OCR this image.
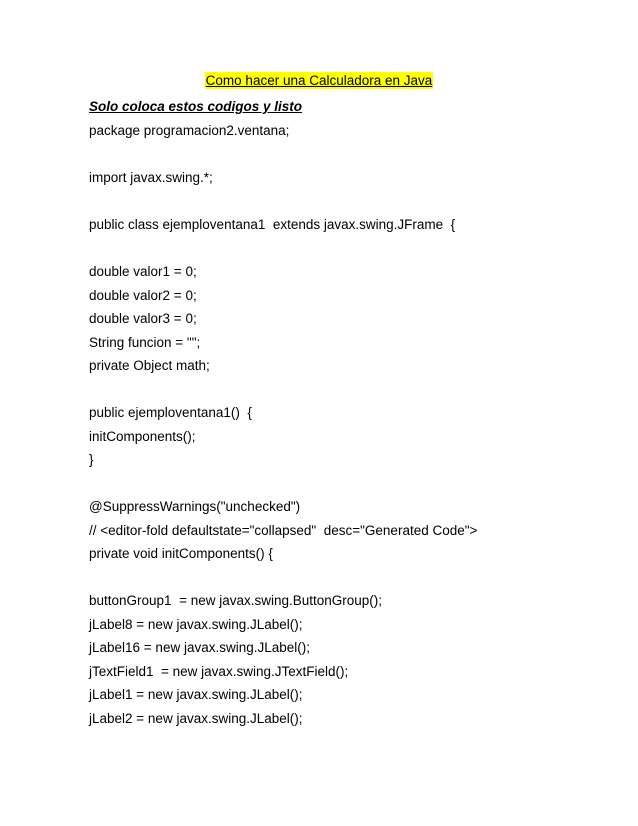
Como hacer una Calculadora en Java
Solo coloca estos codigos y listo
package programacion2.ventana;
import javax.swing.*;
public class ejemploventana1  extends javax.swing.JFrame  {
double valor1 = 0;
double valor2 = 0;
double valor3 = 0;
String funcion = "";
private Object math;
public ejemploventana1()  {
initComponents();
}
@SuppressWarnings("unchecked")
// <editor-fold defaultstate="collapsed"  desc="Generated Code">
private void initComponents() {
buttonGroup1  = new javax.swing.ButtonGroup();
jLabel8 = new javax.swing.JLabel();
jLabel16 = new javax.swing.JLabel();
jTextField1  = new javax.swing.JTextField();
jLabel1 = new javax.swing.JLabel();
jLabel2 = new javax.swing.JLabel();
